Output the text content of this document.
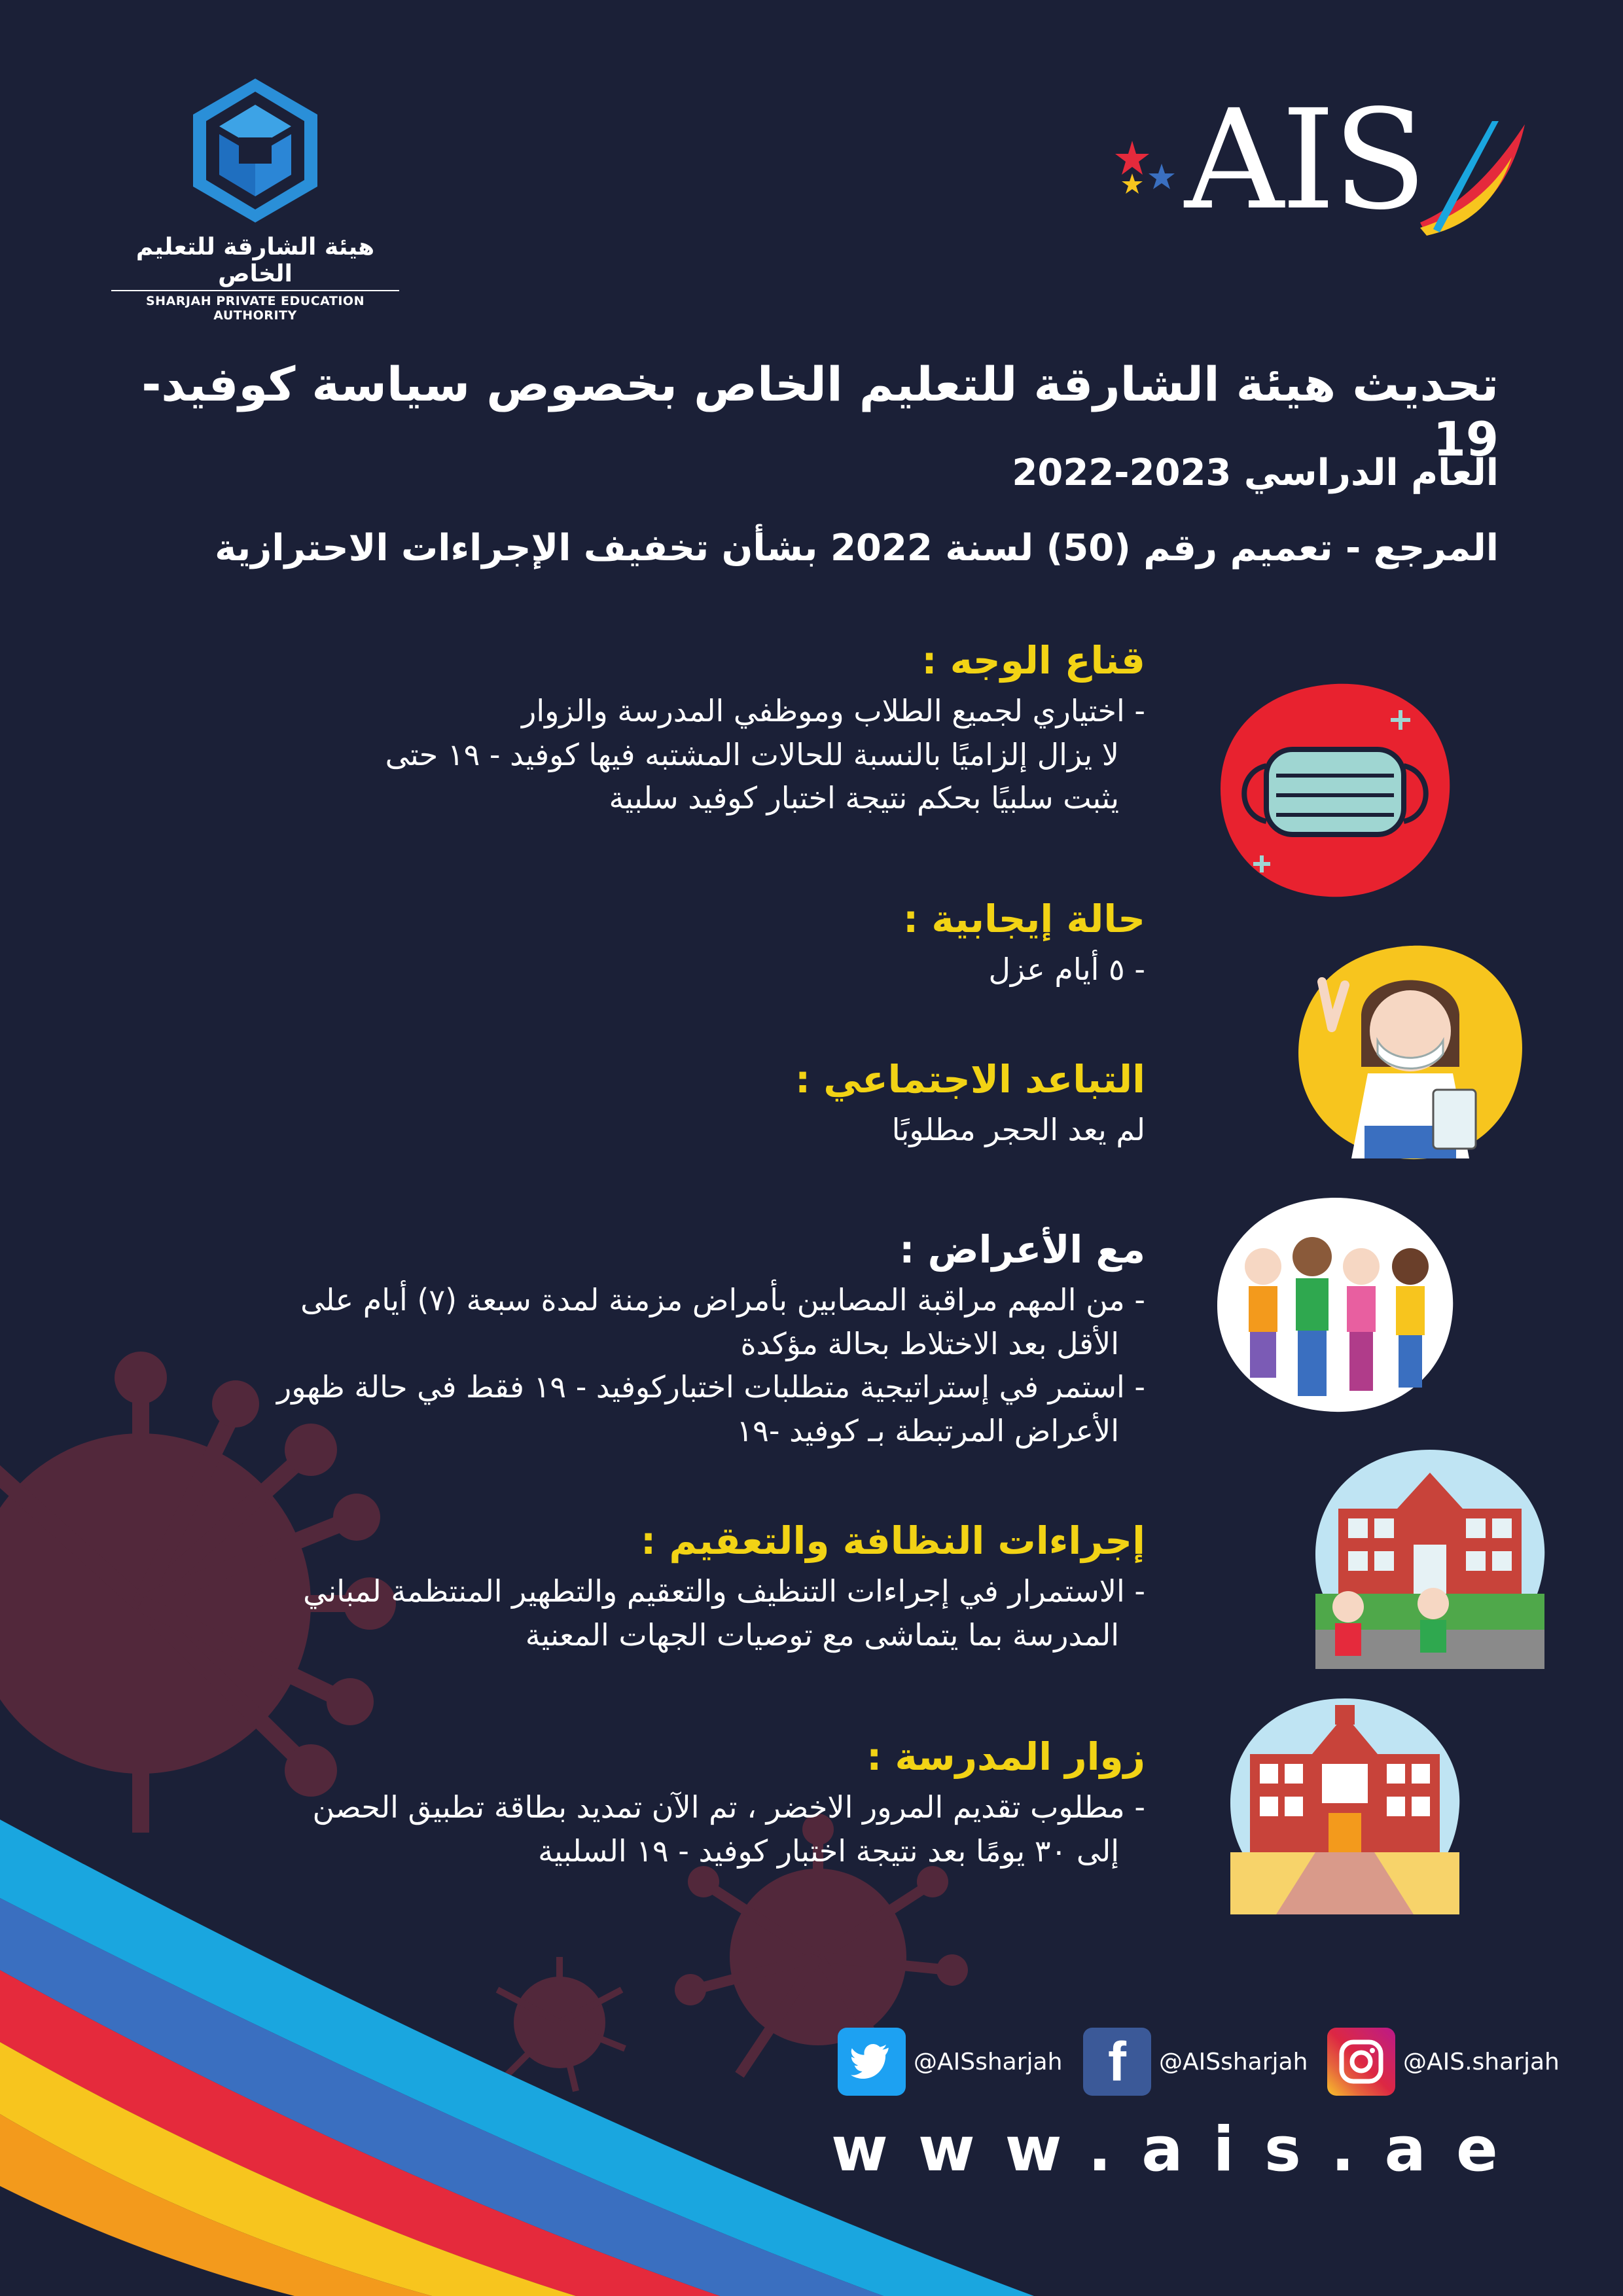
هيئة الشارقة للتعليم الخاص
SHARJAH PRIVATE EDUCATION AUTHORITY
AIS
تحديث هيئة الشارقة للتعليم الخاص بخصوص سياسة كوفيد- 19
العام الدراسي 2023-2022
المرجع - تعميم رقم (50) لسنة 2022 بشأن تخفيف الإجراءات الاحترازية
قناع الوجه :
- اختياري لجميع الطلاب وموظفي المدرسة والزوار
لا يزال إلزاميًا بالنسبة للحالات المشتبه فيها كوفيد - ١٩ حتى
يثبت سلبيًا بحكم نتيجة اختبار كوفيد سلبية
حالة إيجابية :
- ٥ أيام عزل
التباعد الاجتماعي :
لم يعد الحجر مطلوبًا
مع الأعراض :
- من المهم مراقبة المصابين بأمراض مزمنة لمدة سبعة (٧) أيام على
الأقل بعد الاختلاط بحالة مؤكدة
- استمر في إستراتيجية متطلبات اختباركوفيد - ١٩ فقط في حالة ظهور
الأعراض المرتبطة بـ كوفيد -١٩
إجراءات النظافة والتعقيم :
- الاستمرار في إجراءات التنظيف والتعقيم والتطهير المنتظمة لمباني
المدرسة بما يتماشى مع توصيات الجهات المعنية
زوار المدرسة :
- مطلوب تقديم المرور الاخضر ، تم الآن تمديد بطاقة تطبيق الحصن
إلى ٣٠ يومًا بعد نتيجة اختبار كوفيد - ١٩ السلبية
@AISsharjah f @AISsharjah	@AIS.sharjah
www.ais.ae
